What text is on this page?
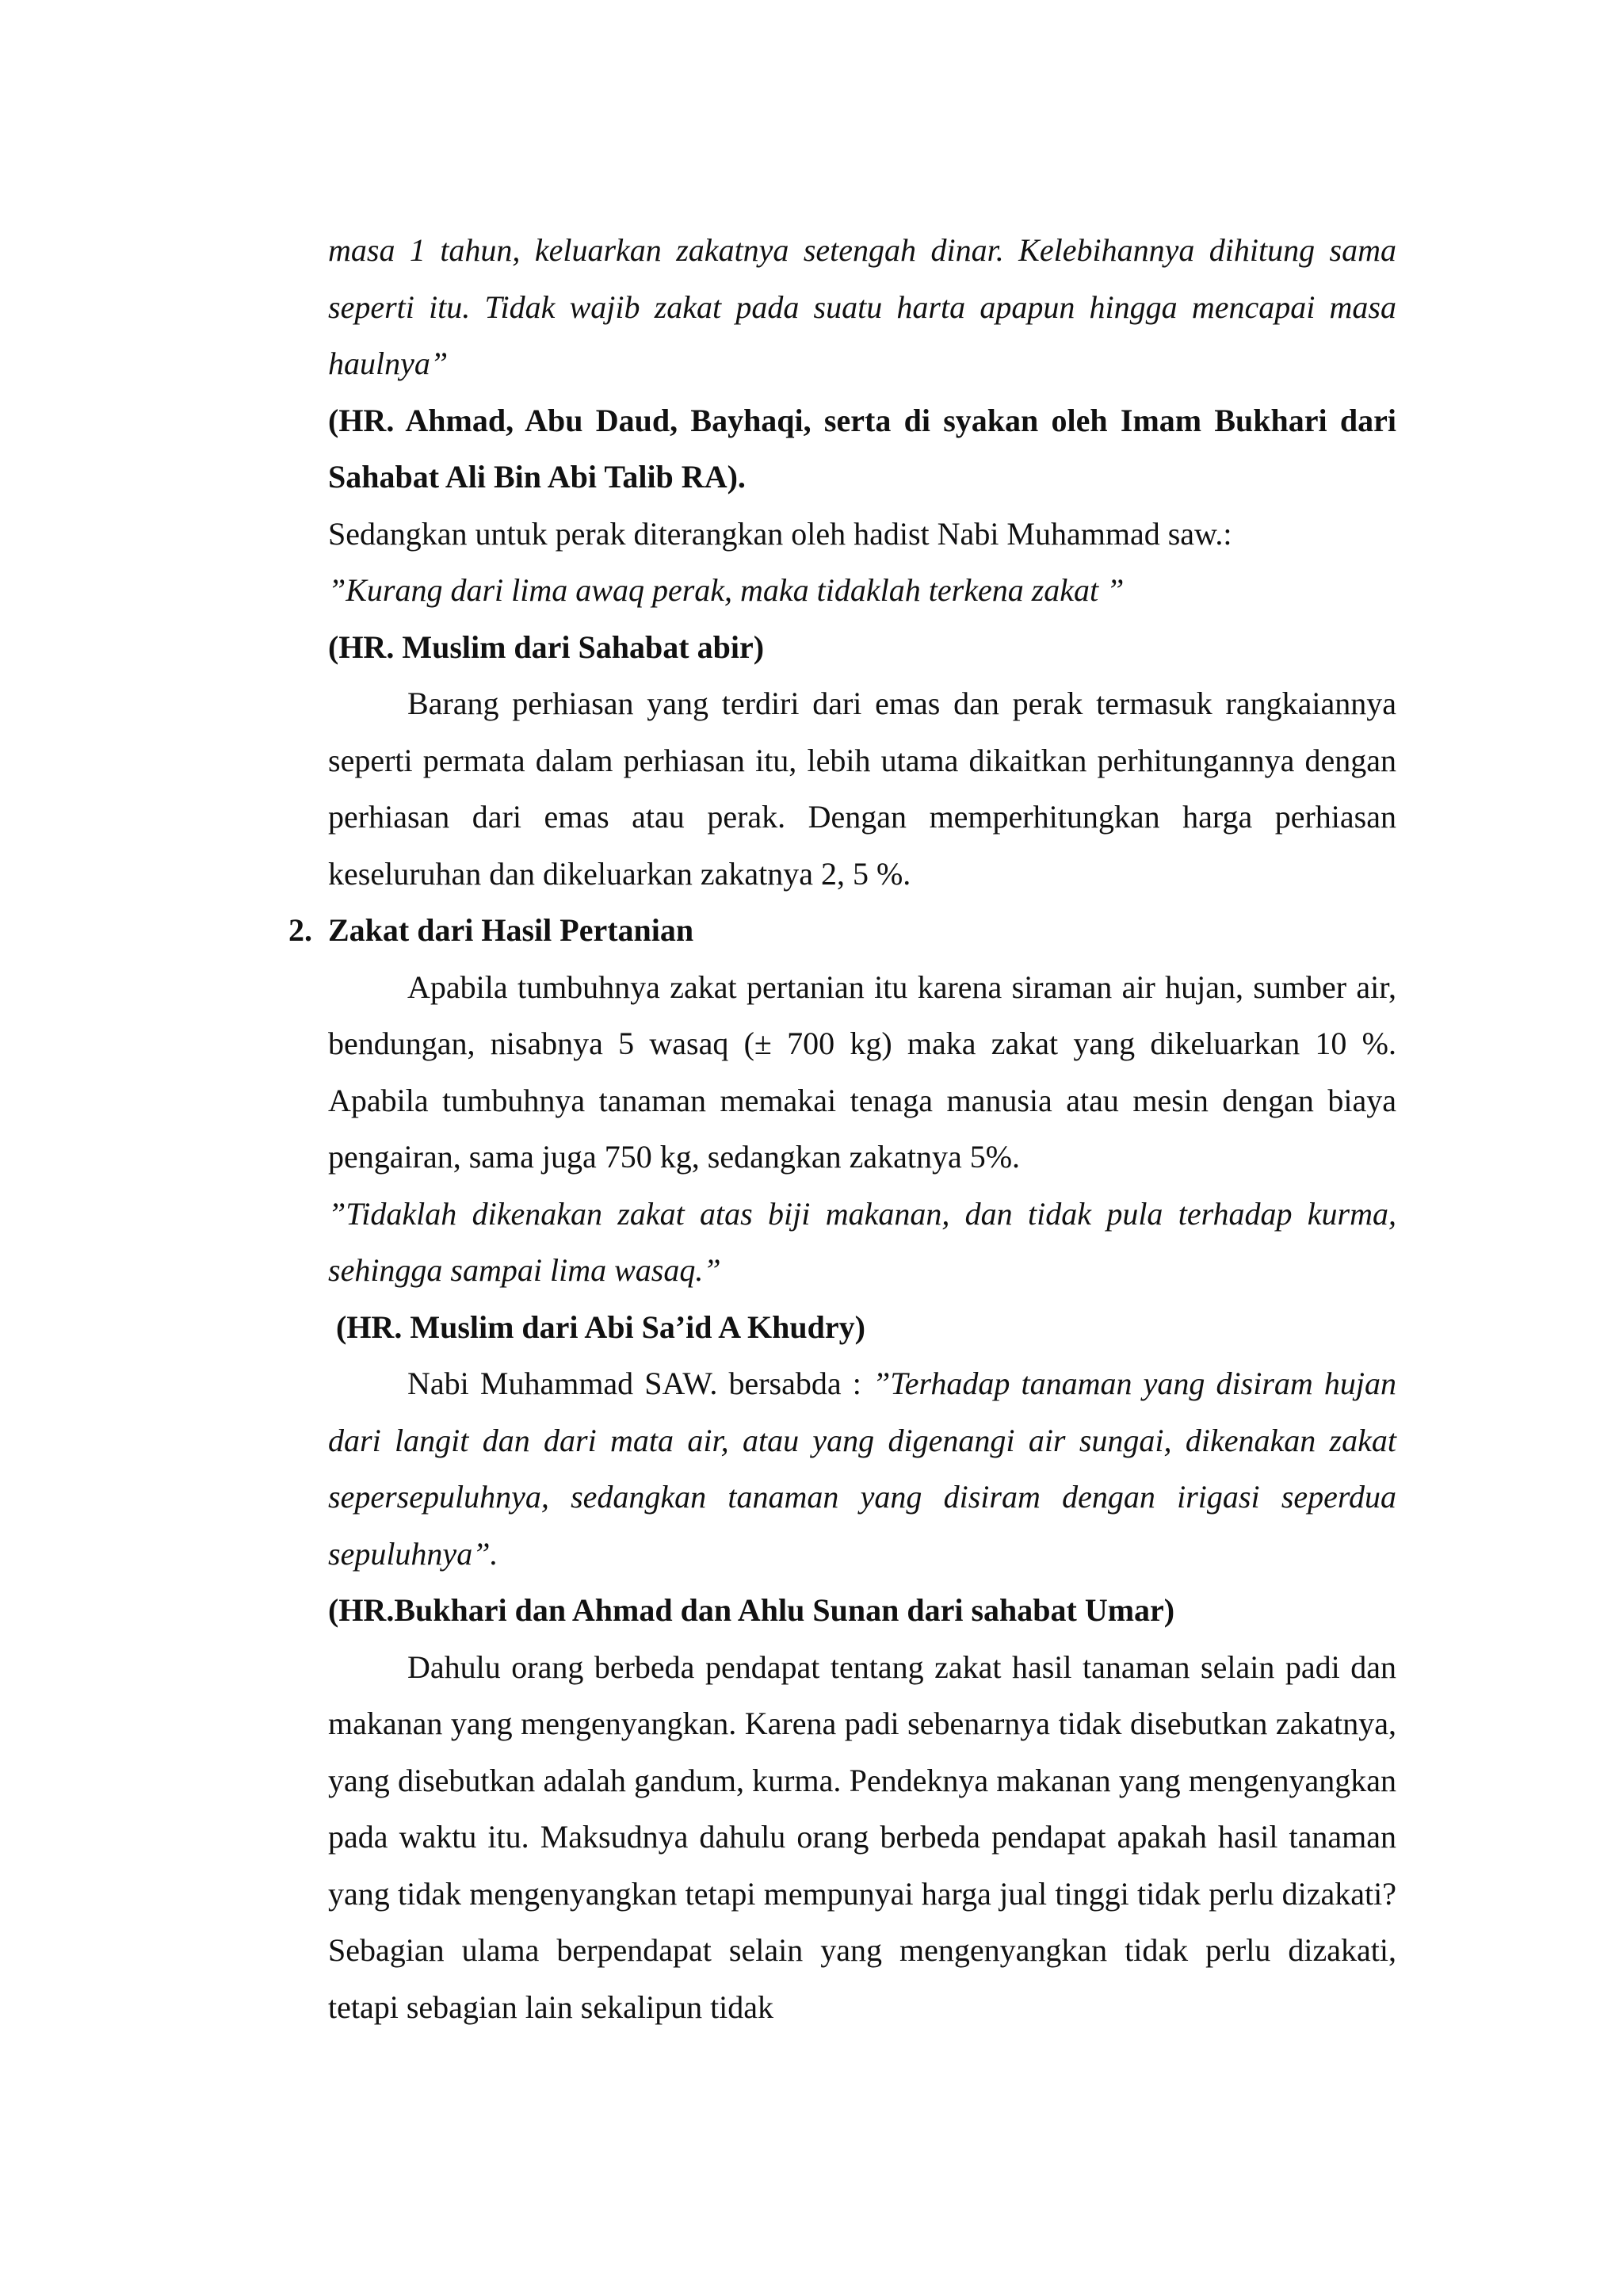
masa 1 tahun, keluarkan zakatnya setengah dinar. Kelebihannya dihitung sama seperti itu. Tidak wajib zakat pada suatu harta apapun hingga mencapai masa haulnya”

(HR. Ahmad, Abu Daud, Bayhaqi, serta di syakan oleh Imam Bukhari dari Sahabat Ali Bin Abi Talib RA).

Sedangkan untuk perak diterangkan oleh hadist Nabi Muhammad saw.:

”Kurang dari lima awaq perak, maka tidaklah terkena zakat ”

(HR. Muslim dari Sahabat abir)

Barang perhiasan yang terdiri dari emas dan perak termasuk rangkaiannya seperti permata dalam perhiasan itu, lebih utama dikaitkan perhitungannya dengan perhiasan dari emas atau perak. Dengan memperhitungkan harga perhiasan keseluruhan dan dikeluarkan zakatnya 2, 5 %.

2. Zakat dari Hasil Pertanian

Apabila tumbuhnya zakat pertanian itu karena siraman air hujan, sumber air, bendungan, nisabnya 5 wasaq (± 700 kg) maka zakat yang dikeluarkan 10 %. Apabila tumbuhnya tanaman memakai tenaga manusia atau mesin dengan biaya pengairan, sama juga 750 kg, sedangkan zakatnya 5%.

”Tidaklah dikenakan zakat atas biji makanan, dan tidak pula terhadap kurma, sehingga sampai lima wasaq.”

(HR. Muslim dari Abi Sa’id A Khudry)

Nabi Muhammad SAW. bersabda : ”Terhadap tanaman yang disiram hujan dari langit dan dari mata air, atau yang digenangi air sungai, dikenakan zakat sepersepuluhnya, sedangkan tanaman yang disiram dengan irigasi seperdua sepuluhnya”.

(HR.Bukhari dan Ahmad dan Ahlu Sunan dari sahabat Umar)

Dahulu orang berbeda pendapat tentang zakat hasil tanaman selain padi dan makanan yang mengenyangkan. Karena padi sebenarnya tidak disebutkan zakatnya, yang disebutkan adalah gandum, kurma. Pendeknya makanan yang mengenyangkan pada waktu itu. Maksudnya dahulu orang berbeda pendapat apakah hasil tanaman yang tidak mengenyangkan tetapi mempunyai harga jual tinggi tidak perlu dizakati? Sebagian ulama berpendapat selain yang mengenyangkan tidak perlu dizakati, tetapi sebagian lain sekalipun tidak
